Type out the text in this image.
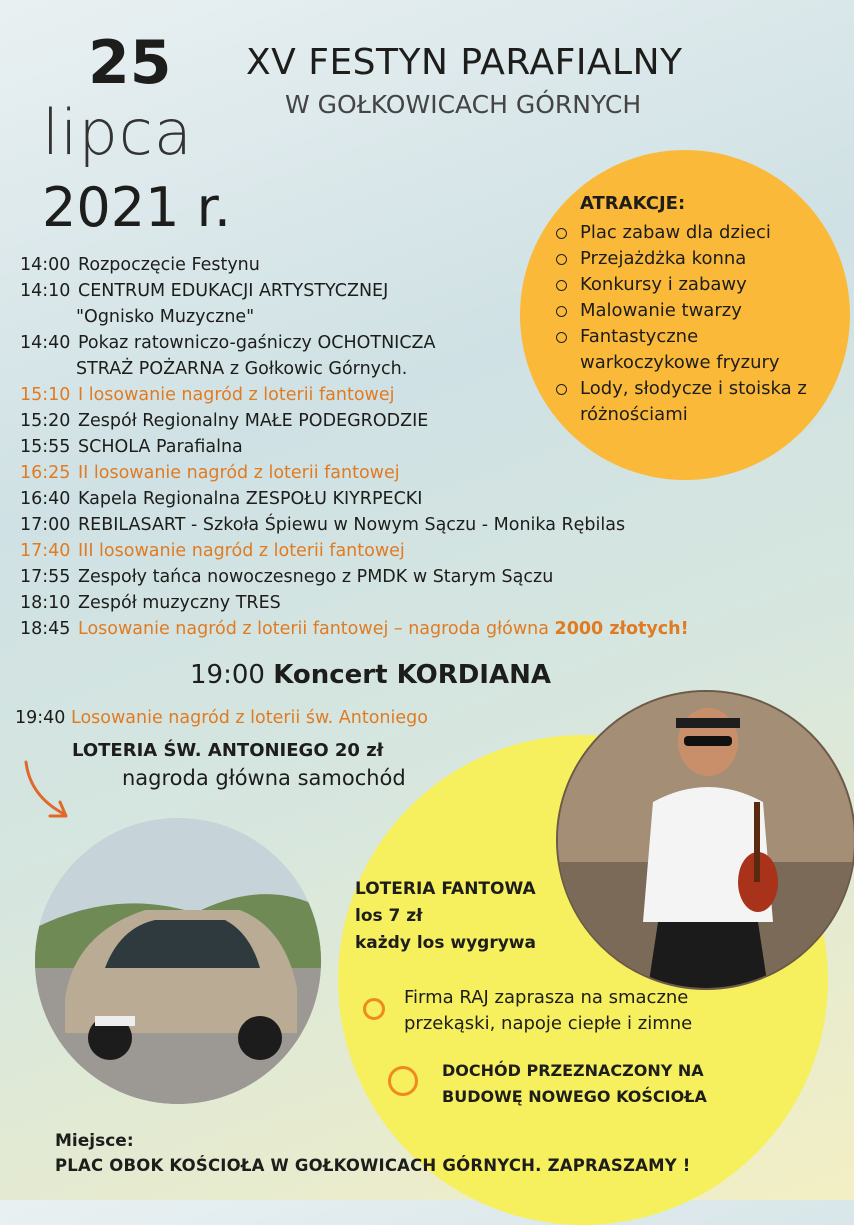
25
lipca
2021 r.
XV FESTYN PARAFIALNY
W GOŁKOWICACH GÓRNYCH
ATRAKCJE:
Plac zabaw dla dzieci
Przejażdżka konna
Konkursy i zabawy
Malowanie twarzy
Fantastyczne warkoczykowe fryzury
Lody, słodycze i stoiska z różnościami
14:00 Rozpoczęcie Festynu
14:10 CENTRUM EDUKACJI ARTYSTYCZNEJ
"Ognisko Muzyczne"
14:40 Pokaz ratowniczo-gaśniczy OCHOTNICZA
STRAŻ POŻARNA z Gołkowic Górnych.
15:10 I losowanie nagród z loterii fantowej
15:20 Zespół Regionalny MAŁE PODEGRODZIE
15:55 SCHOLA Parafialna
16:25 II losowanie nagród z loterii fantowej
16:40 Kapela Regionalna ZESPOŁU KIYRPECKI
17:00 REBILASART - Szkoła Śpiewu w Nowym Sączu - Monika Rębilas
17:40 III losowanie nagród z loterii fantowej
17:55 Zespoły tańca nowoczesnego z PMDK w Starym Sączu
18:10 Zespół muzyczny TRES
18:45 Losowanie nagród z loterii fantowej – nagroda główna 2000 złotych!
19:00 Koncert KORDIANA
19:40 Losowanie nagród z loterii św. Antoniego
LOTERIA ŚW. ANTONIEGO 20 zł
nagroda główna samochód
LOTERIA FANTOWA
los 7 zł
każdy los wygrywa
Firma RAJ zaprasza na smaczne
przekąski, napoje ciepłe i zimne
DOCHÓD PRZEZNACZONY NA
BUDOWĘ NOWEGO KOŚCIOŁA
Miejsce:
PLAC OBOK KOŚCIOŁA W GOŁKOWICACH GÓRNYCH. ZAPRASZAMY !
